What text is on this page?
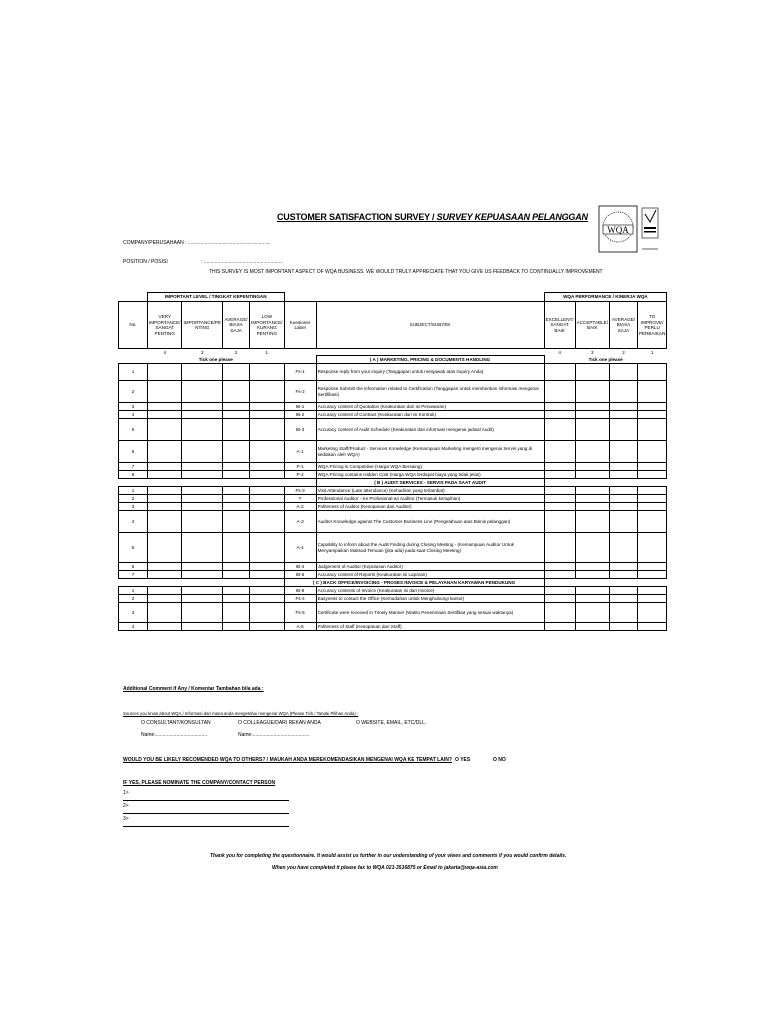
CUSTOMER SATISFACTION SURVEY / SURVEY KEPUASAAN PELANGGAN
WQA
COMPANY/PERUSAHAAN : ...........................................................
POSITION / POSISI	: .........................................................
THIS SURVEY IS MOST IMPORTANT ASPECT OF WQA BUSINESS. WE WOULD TRULY APPRECIATE THAT YOU GIVE US FEEDBACK TO CONTINUALLY IMPROVEMENT
	IMPORTANT LEVEL / TINGKAT KEPENTINGAN						WQA PERFORMANCE / KINERJA WQA			
No.	VERY IMPORTANCE/ SANGAT PENTING	IMPORTANCE/PE NTING	AVERAGE/ BIASA SAJA	LOW IMPORTANCE/ KURANG PENTING	Kuesioner Label	SUBJECT/SUBYEK	EXCELLENT/ SANGAT BAIK	ACCEPTABLE/ BAIK	AVERAGE/ BIASA SAJA	TO IMPROVE/ PERLU PERBAIKAN
	4	3	2	1			4	3	2	1
	Tick one please					( A ) MARKETING, PRICING & DOCUMENTS HANDLING	Tick one please			
1					Fs-1	Response reply from your inquiry (Tanggapan untuk menjawab atas inquiry Anda)				
2					Fs-2	Response Submitt the information related to Certification (Tanggapan untuk memberikan informasi mengenai Sertifikasi)				
3					IB-1	Accuracy content of Quotation (Keakuratan dari isi Penawaran)				
4					IB-2	Accuracy content of Contract (Keakuratan dari isi Kontrak)				
5					IB-3	Accuracy content of Audit Schedule (Keakuratan dari informasi mengenai jadwal Audit)				
6					A-1	Marketing Staff/Product - Services Knowledge (Kemampuan Marketing mengerti mengenai Servis yang di sediakan oleh WQA)				
7					P-1	WQA Pricing is Competitive (Harga WQA Bersaing)				
8					P-2	WQA Pricing contains Hidden Cost (Harga WQA terdapat biaya yang tidak jelas)				
						( B ) AUDIT SERVICES - SERVIS PADA SAAT AUDIT				
1					Fs-3	Visit Attendance (Late attendance) (Kehadiran yang terlambat)				
2					T	Professional Auditor - Ke Profesional-an Auditor (Termasuk kerapihan)				
3					A-2	Politeness of Auditor (Kesopanan dari Auditor)				
4					A-3	Auditor Knowledge against The Customer Business Line (Pengetahuan atas Bisnis pelanggan)				
5					A-4	Capability to inform about the Audit Finding during Closing Meeting - (Kemampuan Auditor Untuk Menyampaikan Maksud Temuan (jika ada) pada saat Closing Meeting)				
6					IB-4	Judgement of Auditor (Keputusan Auditor)				
7					IB-5	Accuracy content of Reports (Keakuratan isi Laporan)				
					( C ) BACK OFFICE/INVOICING - PROSES INVOICE & PELAYANAN KARYAWAN PENDUKUNG					
1					IB-6	Accuracy contents of Invoice (Keakuratan isi dari Invoice)				
2					Fs-4	Easyness to contact the Office (Kemudahan untuk Menghubungi kantor)				
3					Fs-5	Certificate were received in Timely Manner (Waktu Penerimaan Sertifikat yang sesuai waktunya)				
4					A-5	Politeness of Staff (Kesopanan dari Staff)				
Additional Comment if Any / Komentar Tambahan bila ada :
Sources you know about WQA / Informasi dari mana anda mengetahui mengenai WQA (Please Tick / Tandai Pilihan Anda) :
O CONSULTANT/KONSULTAN	O COLLEAGUE/DARI REKAN ANDA	O WEBSITE, EMAIL, ETC/DLL.
Name:.....................................	Name:.........................................
WOULD YOU BE LIKELY RECOMENDED WQA TO OTHERS? / MAUKAH ANDA MEREKOMENDASIKAN MENGENAI WQA KE TEMPAT LAIN? O YES	O NO
IF YES, PLEASE NOMINATE THE COMPANY/CONTACT PERSON
1>
2>
3>
Thank you for completing the questionnaire. It would assist us further in our understanding of your views and comments if you would confirm details.
When you have completed it please fax to WQA 021-3516875 or Email to jakarta@wqa-asia.com
